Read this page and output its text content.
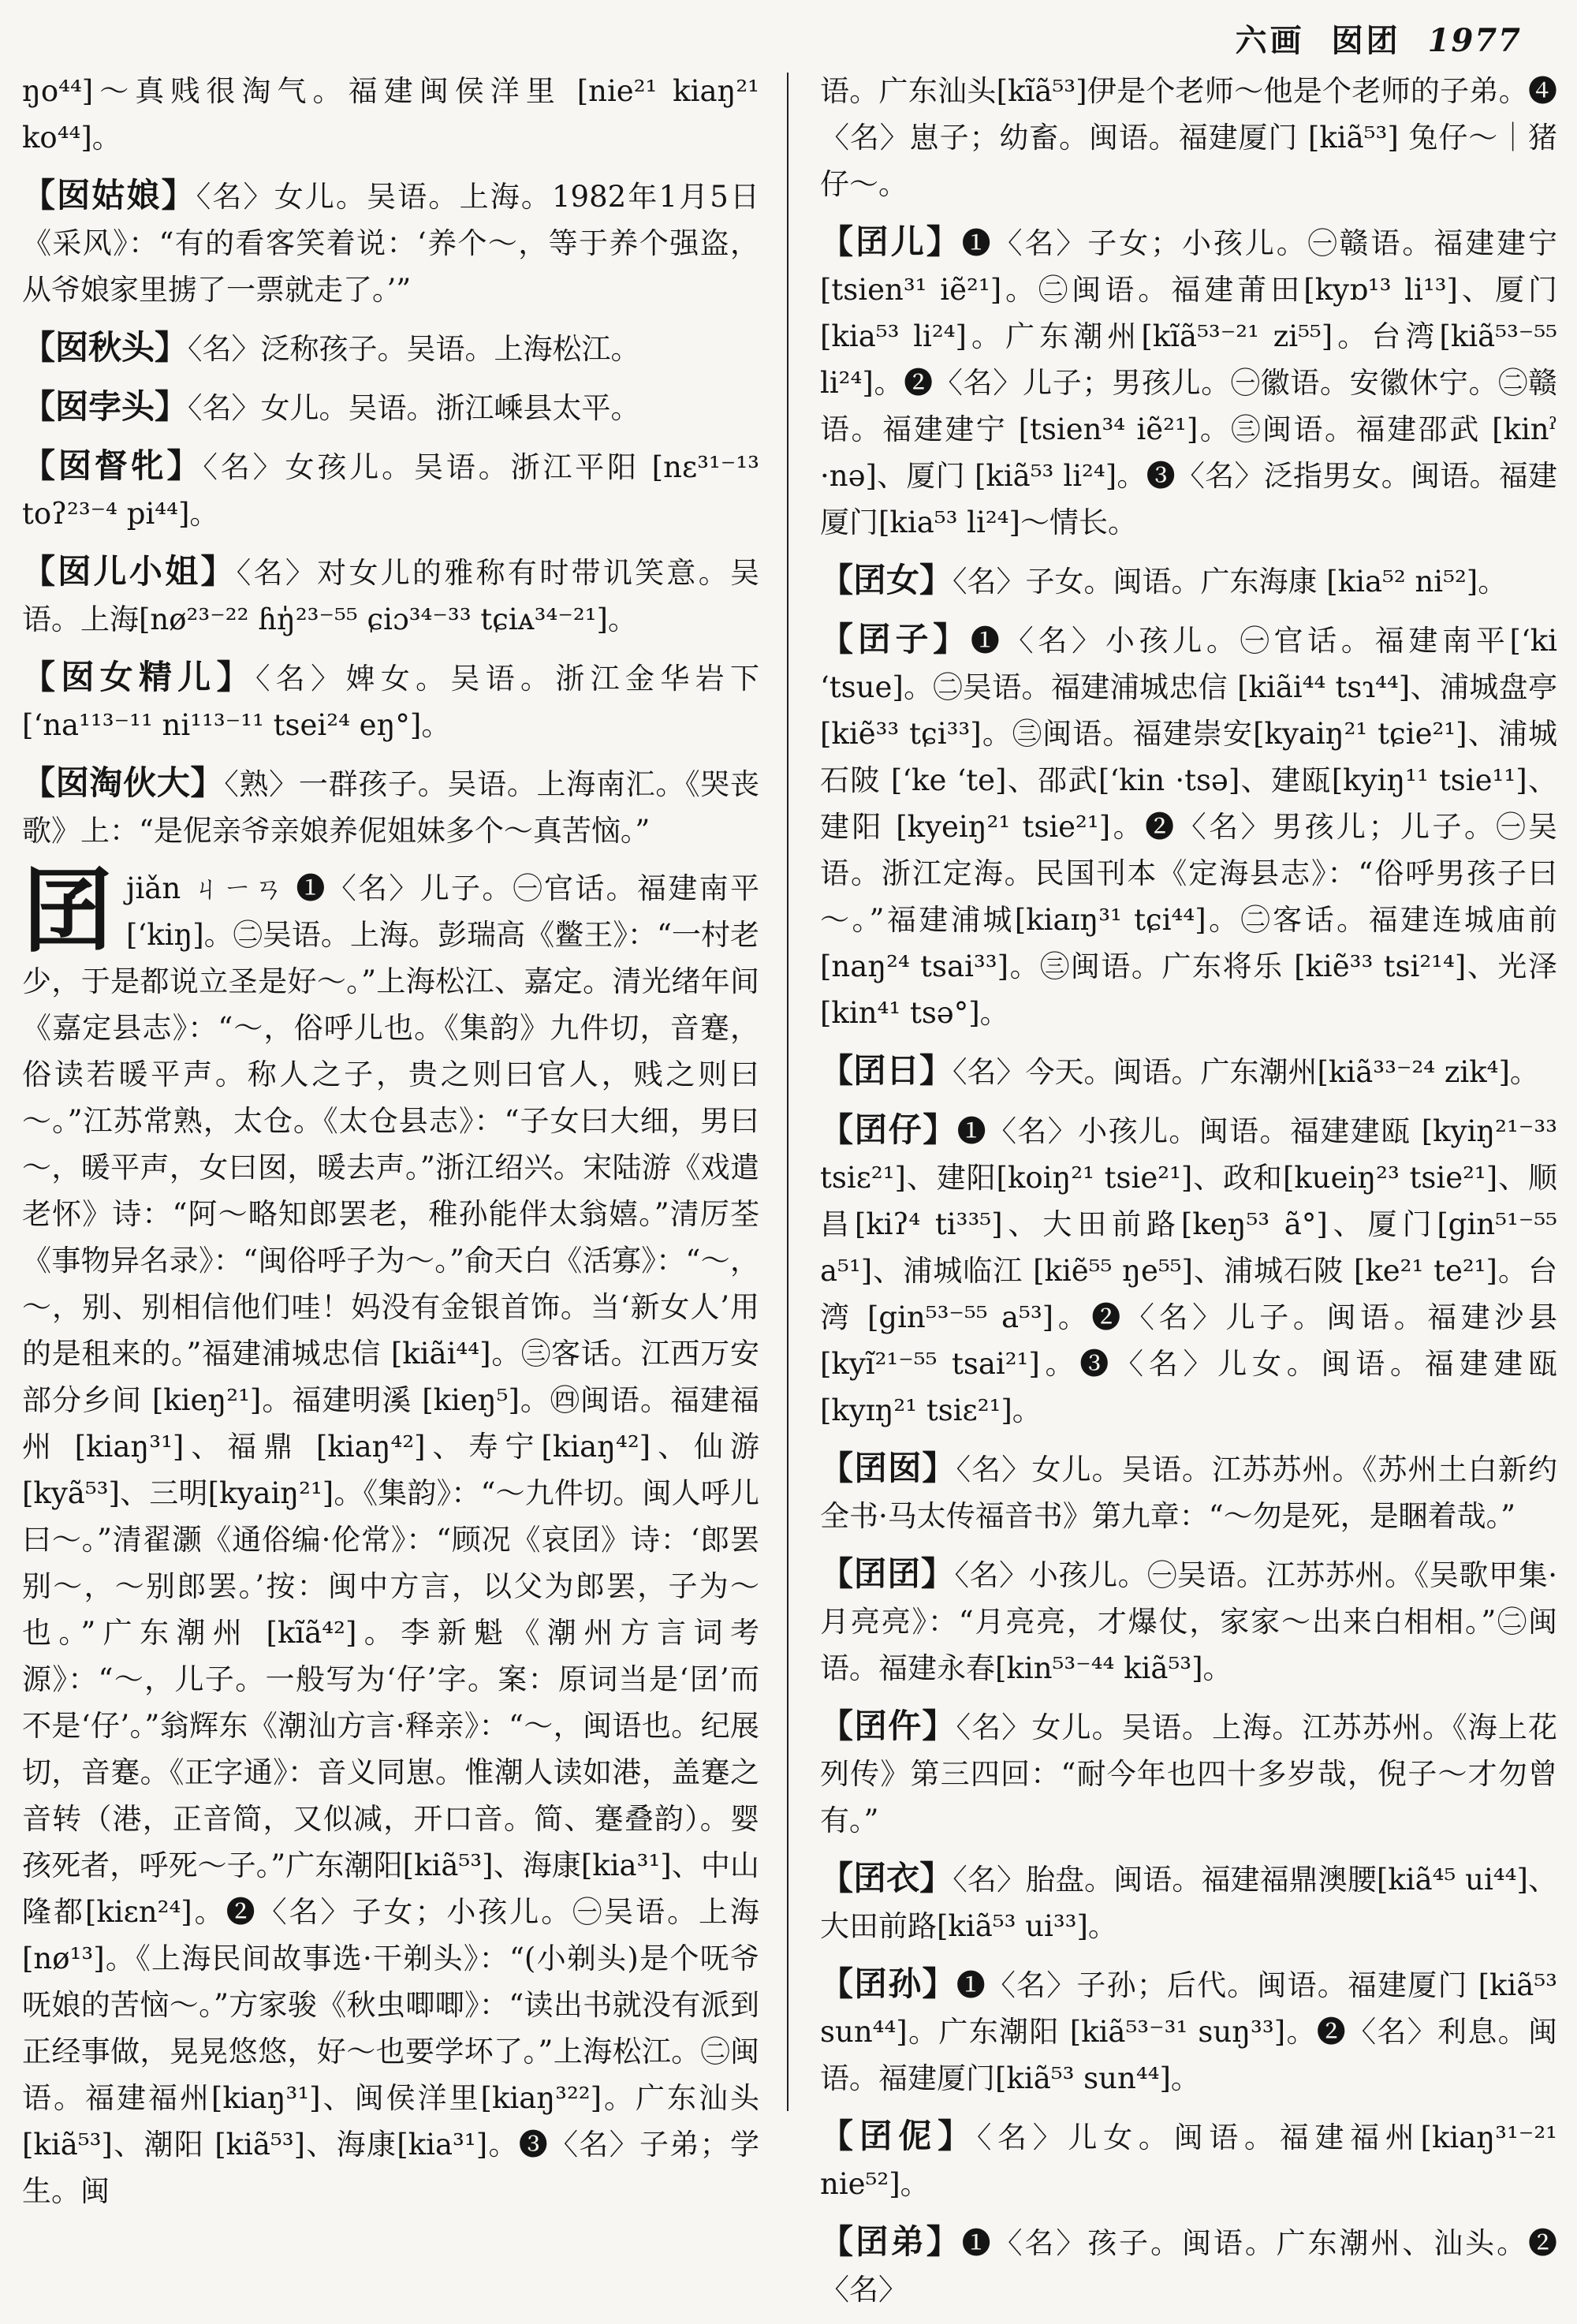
六画 囡团 1977
ŋo⁴⁴]～真贱很淘气。福建闽侯洋里 [nie²¹ kiaŋ²¹ ko⁴⁴]。
【囡姑娘】〈名〉女儿。吴语。上海。1982年1月5日《采风》：“有的看客笑着说：‘养个～，等于养个强盗，从爷娘家里掳了一票就走了。’”
【囡秋头】〈名〉泛称孩子。吴语。上海松江。
【囡孛头】〈名〉女儿。吴语。浙江嵊县太平。
【囡督牝】〈名〉女孩儿。吴语。浙江平阳 [nɛ³¹⁻¹³ toʔ²³⁻⁴ pi⁴⁴]。
【囡儿小姐】〈名〉对女儿的雅称有时带讥笑意。吴语。上海[nø²³⁻²² ɦŋ̍²³⁻⁵⁵ ɕiɔ³⁴⁻³³ tɕiᴀ³⁴⁻²¹]。
【囡女精儿】〈名〉婢女。吴语。浙江金华岩下[ʻna¹¹³⁻¹¹ ni¹¹³⁻¹¹ tsei²⁴ eŋ°]。
【囡淘伙大】〈熟〉一群孩子。吴语。上海南汇。《哭丧歌》上：“是伲亲爷亲娘养伲姐妹多个～真苦恼。”
囝jiǎn ㄐㄧㄢ ❶〈名〉儿子。㊀官话。福建南平[ʻkiŋ]。㊁吴语。上海。彭瑞高《鳖王》：“一村老少，于是都说立圣是好～。”上海松江、嘉定。清光绪年间《嘉定县志》：“～，俗呼儿也。《集韵》九件切，音蹇，俗读若暖平声。称人之子，贵之则曰官人，贱之则曰～。”江苏常熟，太仓。《太仓县志》：“子女曰大细，男曰～，暖平声，女曰囡，暖去声。”浙江绍兴。宋陆游《戏遣老怀》诗：“阿～略知郎罢老，稚孙能伴太翁嬉。”清厉荃《事物异名录》：“闽俗呼子为～。”俞天白《活寡》：“～，～，别、别相信他们哇！妈没有金银首饰。当‘新女人’用的是租来的。”福建浦城忠信 [kiãi⁴⁴]。㊂客话。江西万安部分乡间 [kieŋ²¹]。福建明溪 [kieŋ⁵]。㊃闽语。福建福州 [kiaŋ³¹]、福鼎 [kiaŋ⁴²]、寿宁[kiaŋ⁴²]、仙游[kyã⁵³]、三明[kyaiŋ²¹]。《集韵》：“～九件切。闽人呼儿曰～。”清翟灏《通俗编·伦常》：“顾况《哀囝》诗：‘郎罢别～，～别郎罢。’按：闽中方言，以父为郎罢，子为～也。”广东潮州 [kĩã⁴²]。李新魁《潮州方言词考源》：“～，儿子。一般写为‘仔’字。案：原词当是‘囝’而不是‘仔’。”翁辉东《潮汕方言·释亲》：“～，闽语也。纪展切，音蹇。《正字通》：音义同崽。惟潮人读如港，盖蹇之音转（港，正音简，又似减，开口音。简、蹇叠韵）。婴孩死者，呼死～子。”广东潮阳[kiã⁵³]、海康[kia³¹]、中山隆都[kiɛn²⁴]。❷〈名〉子女；小孩儿。㊀吴语。上海[nø¹³]。《上海民间故事选·干剃头》：“(小剃头)是个呒爷呒娘的苦恼～。”方家骏《秋虫唧唧》：“读出书就没有派到正经事做，晃晃悠悠，好～也要学坏了。”上海松江。㊁闽语。福建福州[kiaŋ³¹]、闽侯洋里[kiaŋ³²²]。广东汕头 [kiã⁵³]、潮阳 [kiã⁵³]、海康[kia³¹]。❸〈名〉子弟；学生。闽
语。广东汕头[kĩã⁵³]伊是个老师～他是个老师的子弟。❹〈名〉崽子；幼畜。闽语。福建厦门 [kiã⁵³] 兔仔～｜猪仔～。
【囝儿】❶〈名〉子女；小孩儿。㊀赣语。福建建宁[tsien³¹ iẽ²¹]。㊁闽语。福建莆田[kyɒ¹³ li¹³]、厦门 [kia⁵³ li²⁴]。广东潮州[kĩã⁵³⁻²¹ zi⁵⁵]。台湾[kiã⁵³⁻⁵⁵ li²⁴]。❷〈名〉儿子；男孩儿。㊀徽语。安徽休宁。㊁赣语。福建建宁 [tsien³⁴ iẽ²¹]。㊂闽语。福建邵武 [kinˀ ·nə]、厦门 [kiã⁵³ li²⁴]。❸〈名〉泛指男女。闽语。福建厦门[kia⁵³ li²⁴]～情长。
【囝女】〈名〉子女。闽语。广东海康 [kia⁵² ni⁵²]。
【囝子】❶〈名〉小孩儿。㊀官话。福建南平[ʻki ʻtsue]。㊁吴语。福建浦城忠信 [kiãi⁴⁴ tsɿ⁴⁴]、浦城盘亭[kiẽ³³ tɕi³³]。㊂闽语。福建崇安[kyaiŋ²¹ tɕie²¹]、浦城石陂 [ʻke ʻte]、邵武[ʻkin ·tsə]、建瓯[kyiŋ¹¹ tsie¹¹]、建阳 [kyeiŋ²¹ tsie²¹]。❷〈名〉男孩儿；儿子。㊀吴语。浙江定海。民国刊本《定海县志》：“俗呼男孩子曰～。”福建浦城[kiaɪŋ³¹ tɕi⁴⁴]。㊁客话。福建连城庙前[naŋ²⁴ tsai³³]。㊂闽语。广东将乐 [kiẽ³³ tsi²¹⁴]、光泽[kin⁴¹ tsə°]。
【囝日】〈名〉今天。闽语。广东潮州[kiã³³⁻²⁴ zik⁴]。
【囝仔】❶〈名〉小孩儿。闽语。福建建瓯 [kyiŋ²¹⁻³³ tsiɛ²¹]、建阳[koiŋ²¹ tsie²¹]、政和[kueiŋ²³ tsie²¹]、顺昌[kiʔ⁴ ti³³⁵]、大田前路[keŋ⁵³ ã°]、厦门[gin⁵¹⁻⁵⁵ a⁵¹]、浦城临江 [kiẽ⁵⁵ ŋe⁵⁵]、浦城石陂 [ke²¹ te²¹]。台湾 [gin⁵³⁻⁵⁵ a⁵³]。❷〈名〉儿子。闽语。福建沙县 [kyĩ²¹⁻⁵⁵ tsai²¹]。❸〈名〉儿女。闽语。福建建瓯[kyɪŋ²¹ tsiɛ²¹]。
【囝囡】〈名〉女儿。吴语。江苏苏州。《苏州土白新约全书·马太传福音书》第九章：“～勿是死，是睏着哉。”
【囝囝】〈名〉小孩儿。㊀吴语。江苏苏州。《吴歌甲集·月亮亮》：“月亮亮，才爆仗，家家～出来白相相。”㊁闽语。福建永春[kin⁵³⁻⁴⁴ kiã⁵³]。
【囝仵】〈名〉女儿。吴语。上海。江苏苏州。《海上花列传》第三四回：“耐今年也四十多岁哉，倪子～才勿曾有。”
【囝衣】〈名〉胎盘。闽语。福建福鼎澳腰[kiã⁴⁵ ui⁴⁴]、大田前路[kiã⁵³ ui³³]。
【囝孙】❶〈名〉子孙；后代。闽语。福建厦门 [kiã⁵³ sun⁴⁴]。广东潮阳 [kiã⁵³⁻³¹ suŋ³³]。❷〈名〉利息。闽语。福建厦门[kiã⁵³ sun⁴⁴]。
【囝伲】〈名〉儿女。闽语。福建福州[kiaŋ³¹⁻²¹ nie⁵²]。
【囝弟】❶〈名〉孩子。闽语。广东潮州、汕头。❷〈名〉
